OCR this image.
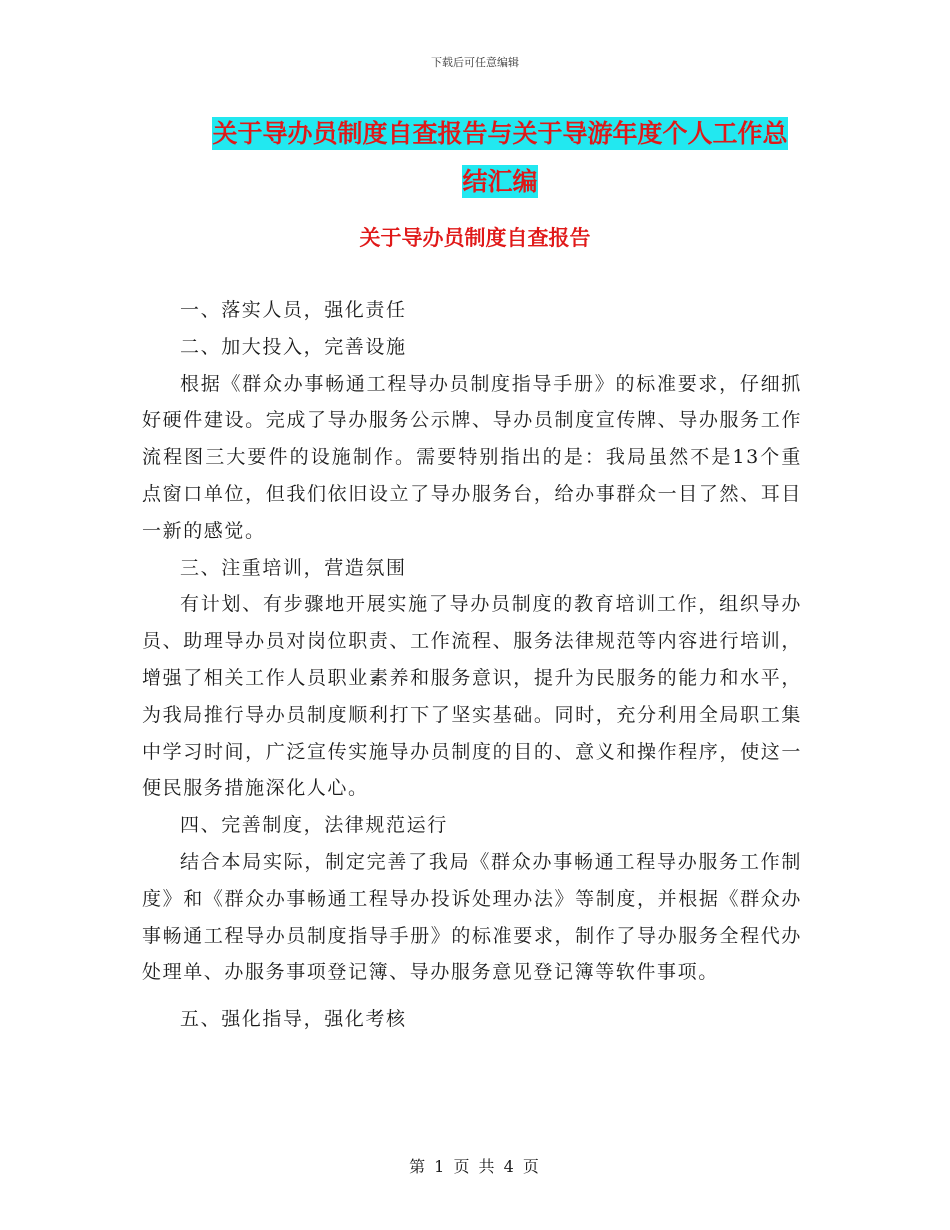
下载后可任意编辑
关于导办员制度自查报告与关于导游年度个人工作总
结汇编
关于导办员制度自查报告

一、落实人员，强化责任

二、加大投入，完善设施

根据《群众办事畅通工程导办员制度指导手册》的标准要求，仔细抓好硬件建设。完成了导办服务公示牌、导办员制度宣传牌、导办服务工作流程图三大要件的设施制作。需要特别指出的是：我局虽然不是13个重点窗口单位，但我们依旧设立了导办服务台，给办事群众一目了然、耳目一新的感觉。

三、注重培训，营造氛围

有计划、有步骤地开展实施了导办员制度的教育培训工作，组织导办员、助理导办员对岗位职责、工作流程、服务法律规范等内容进行培训，增强了相关工作人员职业素养和服务意识，提升为民服务的能力和水平，为我局推行导办员制度顺利打下了坚实基础。同时，充分利用全局职工集中学习时间，广泛宣传实施导办员制度的目的、意义和操作程序，使这一便民服务措施深化人心。

四、完善制度，法律规范运行

结合本局实际，制定完善了我局《群众办事畅通工程导办服务工作制度》和《群众办事畅通工程导办投诉处理办法》等制度，并根据《群众办事畅通工程导办员制度指导手册》的标准要求，制作了导办服务全程代办处理单、办服务事项登记簿、导办服务意见登记簿等软件事项。

五、强化指导，强化考核

第 1 页 共 4 页
